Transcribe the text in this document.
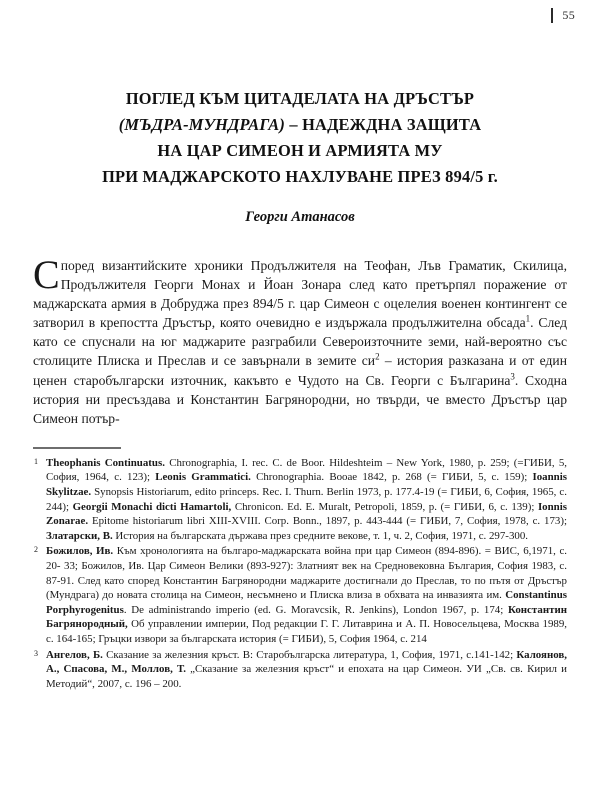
55
ПОГЛЕД КЪМ ЦИТАДЕЛАТА НА ДРЪСТЪР
(МЪДРА-МУНДРАГА) – НАДЕЖДНА ЗАЩИТА
НА ЦАР СИМЕОН И АРМИЯТА МУ
ПРИ МАДЖАРСКОТО НАХЛУВАНЕ ПРЕЗ 894/5 г.
Георги Атанасов
Според византийските хроники Продължителя на Теофан, Лъв Граматик, Скилица, Продължителя Георги Монах и Йоан Зонара след като претърпял поражение от маджарската армия в Добруджа през 894/5 г. цар Симеон с оцелелия военен контингент се затворил в крепостта Дръстър, която очевидно е издържала продължителна обсада$^1$. След като се спуснали на юг маджарите разграбили Североизточните земи, най-вероятно със столиците Плиска и Преслав и се завърнали в земите $си^2$ – история разказана и от един ценен старобългарски източник, какъвто е Чудото на Св. Георги с Българина$^3$. Сходна история ни пресъздава и Константин Багрянородни, но твърди, че вместо Дръстър цар Симеон потър-

1 Theophanis Continuatus. Chronographia, I. rec. C. de Boor. Hildeshteim – New York, 1980, p. 259; (=ГИБИ, 5, София, 1964, с. 123); Leonis Grammatici. Chronographia. Booae 1842, p. 268 (= ГИБИ, 5, с. 159); Ioannis Skylitzae. Synopsis Historiarum, edito princeps. Rec. I. Thurn. Berlin 1973, p. 177.4-19 (= ГИБИ, 6, София, 1965, с. 244); Georgii Monachi dicti Hamartoli, Chronicon. Ed. E. Muralt, Petropoli, 1859, p. (= ГИБИ, 6, с. 139); Ionnis Zonarae. Epitome historiarum libri XIII-XVIII. Corp. Bonn., 1897, p. 443-444 (= ГИБИ, 7, София, 1978, с. 173); Златарски, В. История на българската държава през средните векове, т. 1, ч. 2, София, 1971, с. 297-300.

2 Божилов, Ив. Към хронологията на българо-маджарската война при цар Симеон (894-896). = ВИС, 6,1971, с. 20- 33; Божилов, Ив. Цар Симеон Велики (893-927): Златният век на Средновековна България, София 1983, с. 87-91. След като според Константин Багрянородни маджарите достигнали до Преслав, то по пътя от Дръстър (Мундрага) до новата столица на Симеон, несъмнено и Плиска влиза в обхвата на инвазията им. Constantinus Porphyrogenitus. De administrando imperio (ed. G. Moravcsik, R. Jenkins), London 1967, p. 174; Константин Багрянородный, Об управлении империи, Под редакции Г. Г. Литаврина и А. П. Новосельцева, Москва 1989, с. 164-165; Гръцки извори за българската история (= ГИБИ), 5, София 1964, с. 214

3 Ангелов, Б. Сказание за железния кръст. В: Старобългарска литература, 1, София, 1971, с.141-142; Калоянов, А., Спасова, М., Моллов, Т. „Сказание за железния кръст“ и епохата на цар Симеон. УИ „Св. св. Кирил и Методий“, 2007, с. 196 – 200.
